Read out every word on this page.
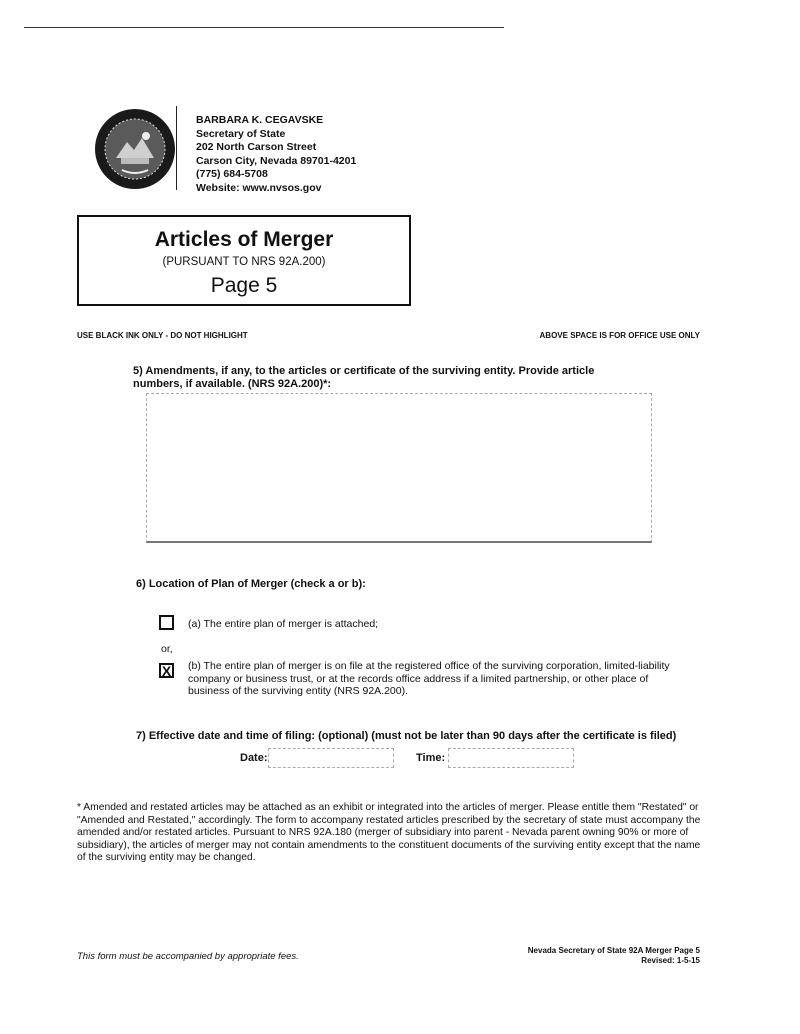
BARBARA K. CEGAVSKE
Secretary of State
202 North Carson Street
Carson City, Nevada 89701-4201
(775) 684-5708
Website: www.nvsos.gov
Articles of Merger
(PURSUANT TO NRS 92A.200)
Page 5
USE BLACK INK ONLY - DO NOT HIGHLIGHT	ABOVE SPACE IS FOR OFFICE USE ONLY
5) Amendments, if any, to the articles or certificate of the surviving entity. Provide article numbers, if available. (NRS 92A.200)*:
6) Location of Plan of Merger (check a or b):
(a) The entire plan of merger is attached;
or,
X (b) The entire plan of merger is on file at the registered office of the surviving corporation, limited-liability company or business trust, or at the records office address if a limited partnership, or other place of business of the surviving entity (NRS 92A.200).
7) Effective date and time of filing: (optional) (must not be later than 90 days after the certificate is filed)
Date:	Time:
* Amended and restated articles may be attached as an exhibit or integrated into the articles of merger. Please entitle them "Restated" or "Amended and Restated," accordingly. The form to accompany restated articles prescribed by the secretary of state must accompany the amended and/or restated articles. Pursuant to NRS 92A.180 (merger of subsidiary into parent - Nevada parent owning 90% or more of subsidiary), the articles of merger may not contain amendments to the constituent documents of the surviving entity except that the name of the surviving entity may be changed.
This form must be accompanied by appropriate fees.
Nevada Secretary of State 92A Merger Page 5
Revised: 1-5-15
